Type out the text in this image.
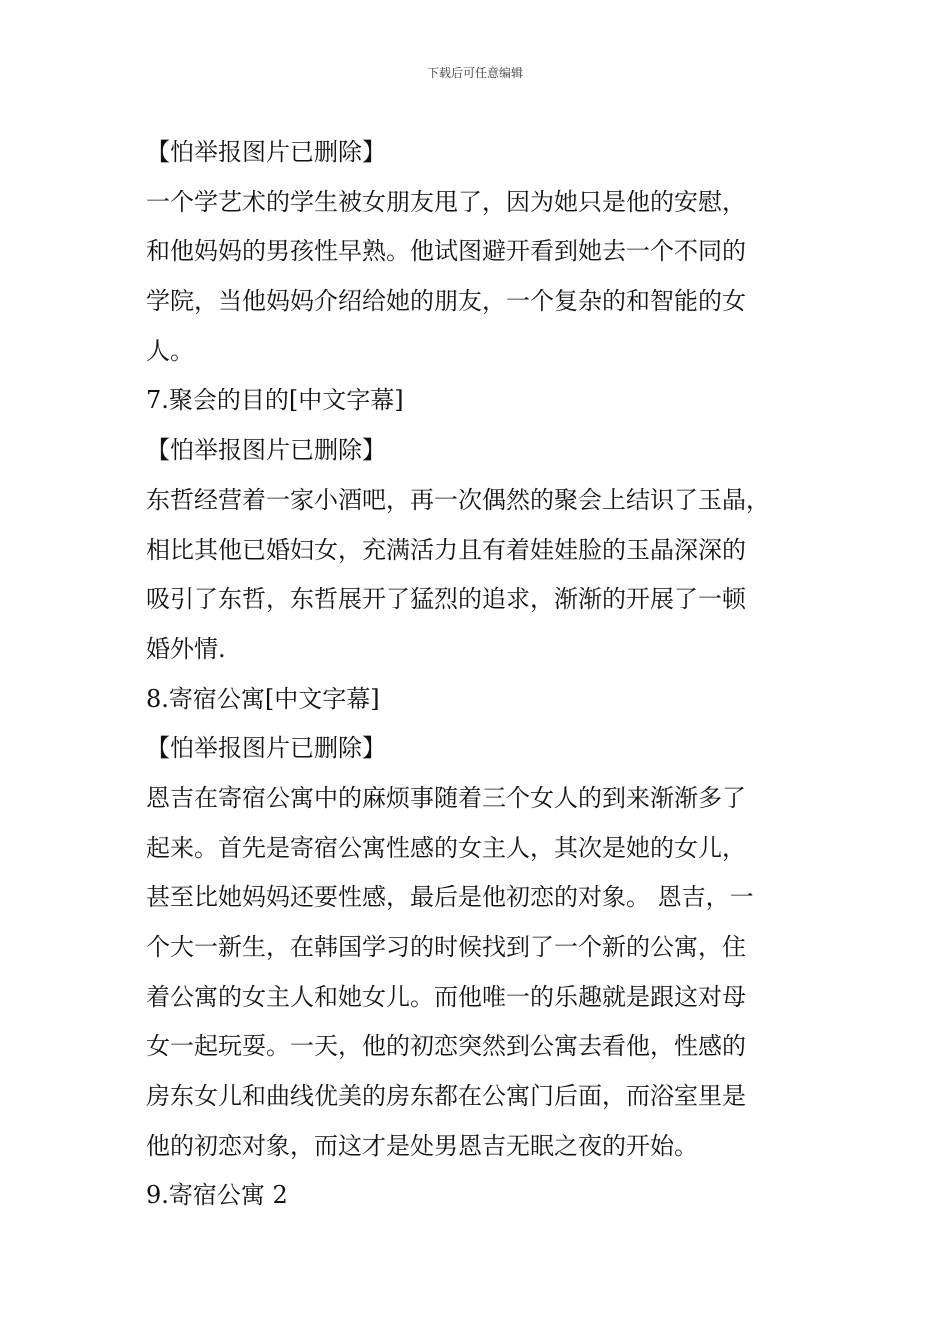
下载后可任意编辑
【怕举报图片已删除】
一个学艺术的学生被女朋友甩了，因为她只是他的安慰，
和他妈妈的男孩性早熟。他试图避开看到她去一个不同的
学院，当他妈妈介绍给她的朋友，一个复杂的和智能的女
人。
7.聚会的目的[中文字幕]
【怕举报图片已删除】
东哲经营着一家小酒吧，再一次偶然的聚会上结识了玉晶，
相比其他已婚妇女，充满活力且有着娃娃脸的玉晶深深的
吸引了东哲，东哲展开了猛烈的追求，渐渐的开展了一顿
婚外情.
8.寄宿公寓[中文字幕]
【怕举报图片已删除】
恩吉在寄宿公寓中的麻烦事随着三个女人的到来渐渐多了
起来。首先是寄宿公寓性感的女主人，其次是她的女儿，
甚至比她妈妈还要性感，最后是他初恋的对象。 恩吉，一
个大一新生，在韩国学习的时候找到了一个新的公寓，住
着公寓的女主人和她女儿。而他唯一的乐趣就是跟这对母
女一起玩耍。一天，他的初恋突然到公寓去看他，性感的
房东女儿和曲线优美的房东都在公寓门后面，而浴室里是
他的初恋对象，而这才是处男恩吉无眠之夜的开始。
9.寄宿公寓 2
